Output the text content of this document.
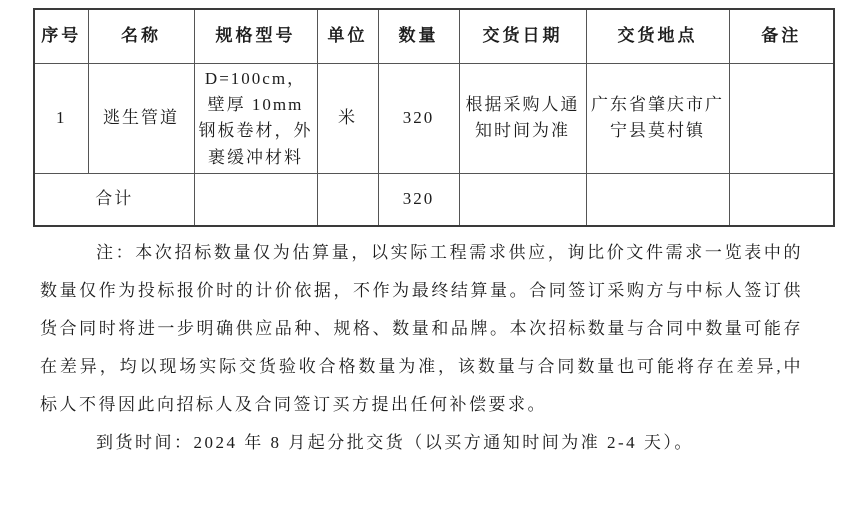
序号	名称	规格型号	单位	数量	交货日期	交货地点	备注
1	逃生管道	D=100cm，壁厚 10mm 钢板卷材，外裹缓冲材料	米	320	根据采购人通知时间为准	广东省肇庆市广宁县莫村镇	
合计				320			

注：本次招标数量仅为估算量，以实际工程需求供应，询比价文件需求一览表中的数量仅作为投标报价时的计价依据，不作为最终结算量。合同签订采购方与中标人签订供货合同时将进一步明确供应品种、规格、数量和品牌。本次招标数量与合同中数量可能存在差异，均以现场实际交货验收合格数量为准，该数量与合同数量也可能将存在差异,中标人不得因此向招标人及合同签订买方提出任何补偿要求。

到货时间：2024 年 8 月起分批交货（以买方通知时间为准 2-4 天）。
